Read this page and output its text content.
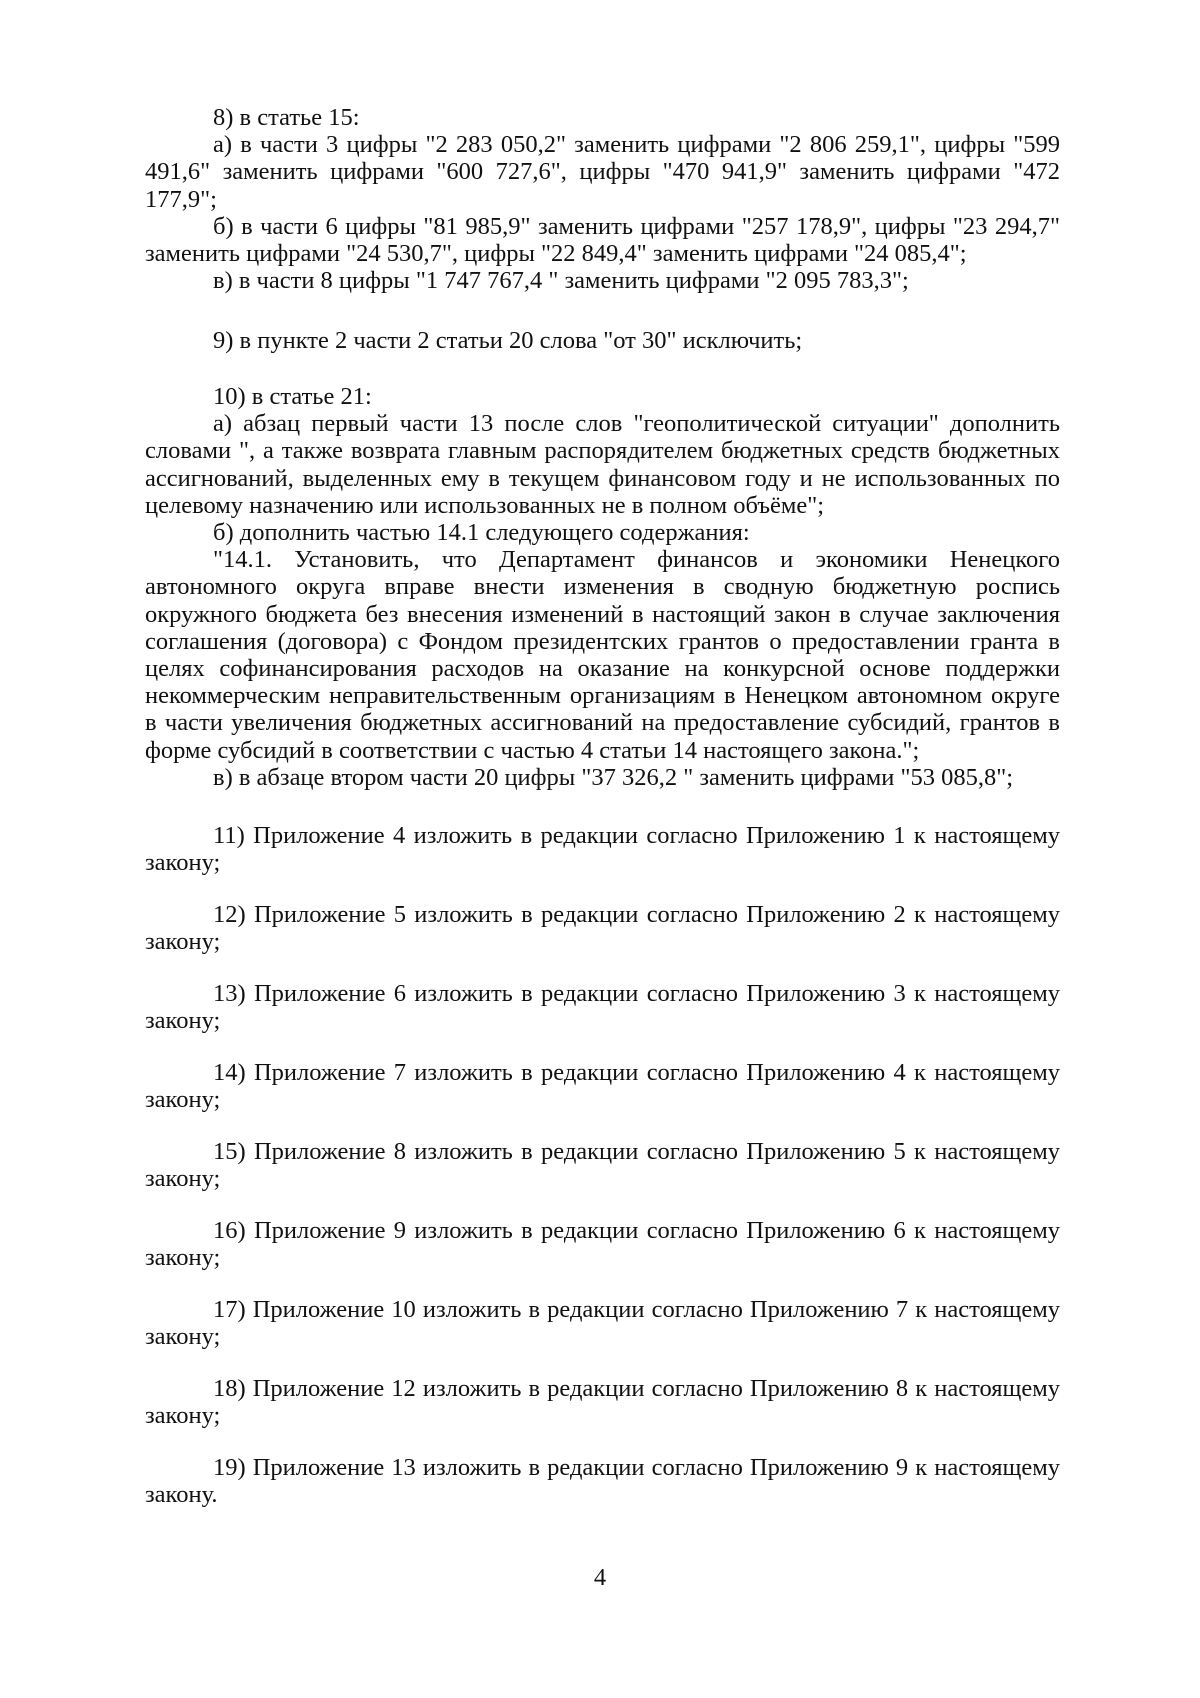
8) в статье 15:

а) в части 3 цифры "2 283 050,2" заменить цифрами "2 806 259,1", цифры "599 491,6" заменить цифрами "600 727,6", цифры "470 941,9" заменить цифрами "472 177,9";

б) в части 6 цифры "81 985,9" заменить цифрами "257 178,9", цифры "23 294,7" заменить цифрами "24 530,7", цифры "22 849,4" заменить цифрами "24 085,4";

в) в части 8 цифры "1 747 767,4 " заменить цифрами "2 095 783,3";

9) в пункте 2 части 2 статьи 20 слова "от 30" исключить;

10) в статье 21:

а) абзац первый части 13 после слов "геополитической ситуации" дополнить словами ", а также возврата главным распорядителем бюджетных средств бюджетных ассигнований, выделенных ему в текущем финансовом году и не использованных по целевому назначению или использованных не в полном объёме";

б) дополнить частью 14.1 следующего содержания:

"14.1. Установить, что Департамент финансов и экономики Ненецкого автономного округа вправе внести изменения в сводную бюджетную роспись окружного бюджета без внесения изменений в настоящий закон в случае заключения соглашения (договора) с Фондом президентских грантов о предоставлении гранта в целях софинансирования расходов на оказание на конкурсной основе поддержки некоммерческим неправительственным организациям в Ненецком автономном округе в части увеличения бюджетных ассигнований на предоставление субсидий, грантов в форме субсидий в соответствии с частью 4 статьи 14 настоящего закона.";

в) в абзаце втором части 20 цифры "37 326,2 " заменить цифрами "53 085,8";

11) Приложение 4 изложить в редакции согласно Приложению 1 к настоящему закону;

12) Приложение 5 изложить в редакции согласно Приложению 2 к настоящему закону;

13) Приложение 6 изложить в редакции согласно Приложению 3 к настоящему закону;

14) Приложение 7 изложить в редакции согласно Приложению 4 к настоящему закону;

15) Приложение 8 изложить в редакции согласно Приложению 5 к настоящему закону;

16) Приложение 9 изложить в редакции согласно Приложению 6 к настоящему закону;

17) Приложение 10 изложить в редакции согласно Приложению 7 к настоящему закону;

18) Приложение 12 изложить в редакции согласно Приложению 8 к настоящему закону;

19) Приложение 13 изложить в редакции согласно Приложению 9 к настоящему закону.

4
